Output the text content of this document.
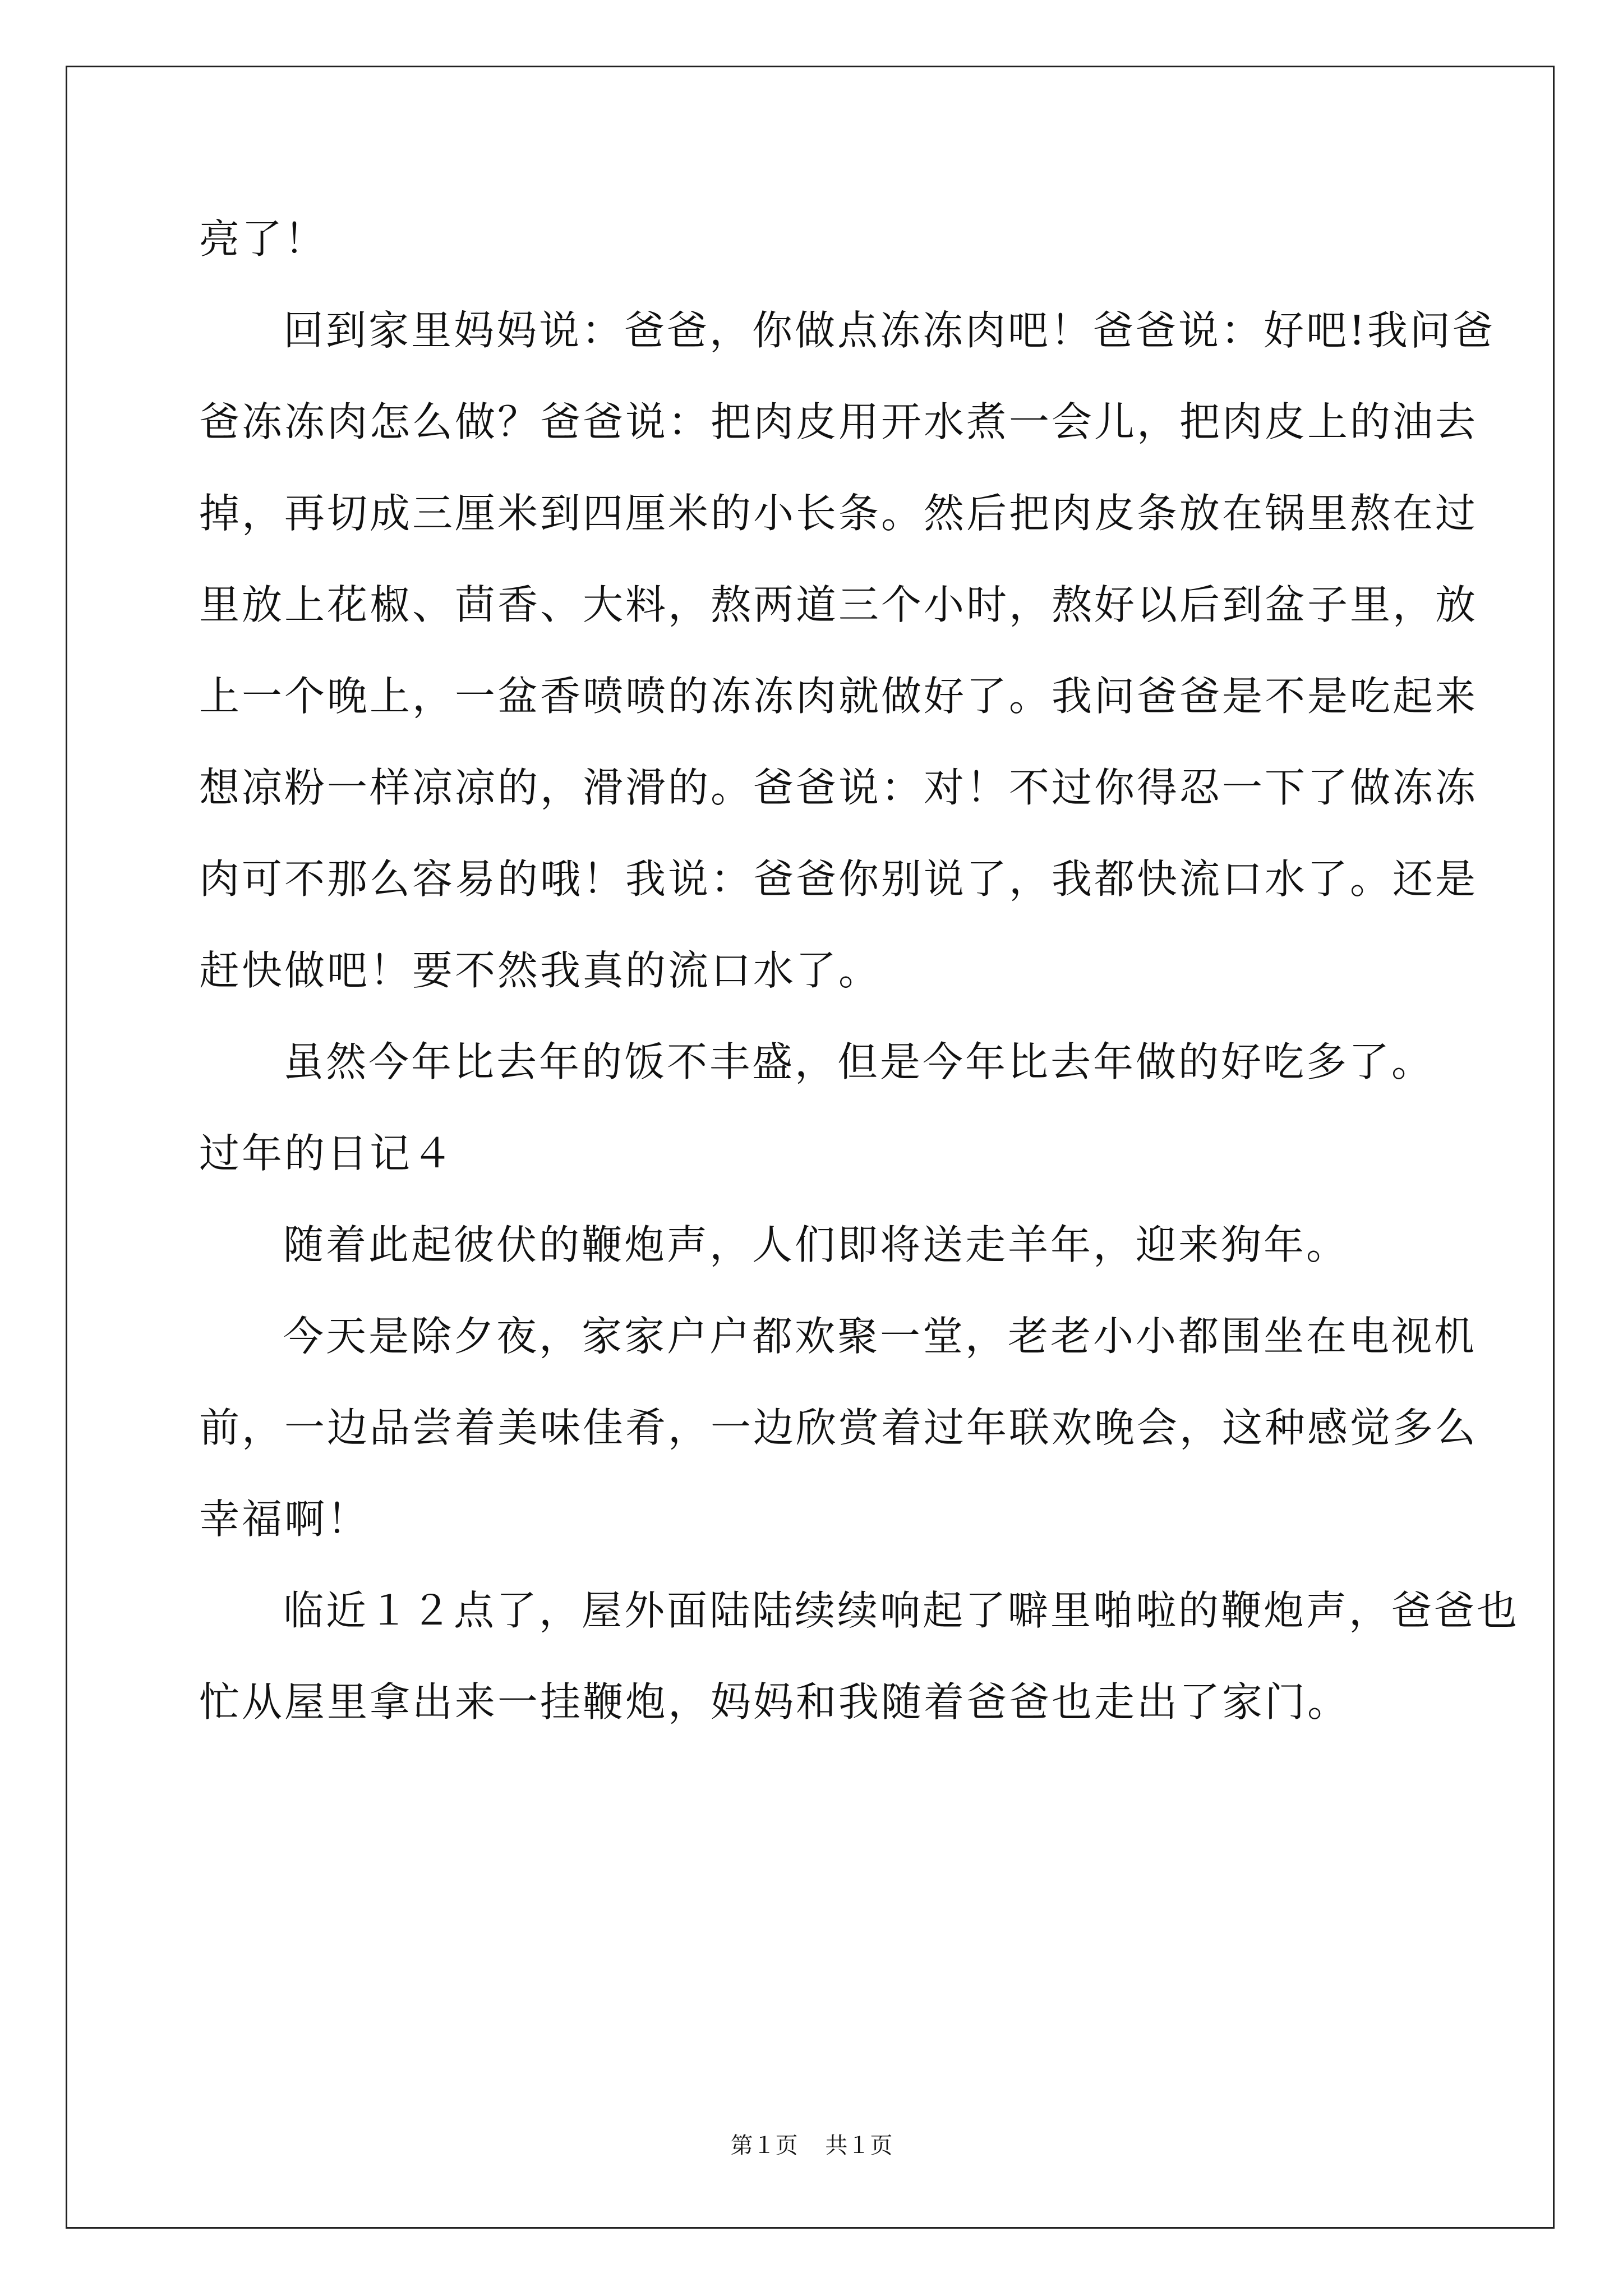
亮了！
回到家里妈妈说：爸爸，你做点冻冻肉吧！爸爸说：好吧!我问爸
爸冻冻肉怎么做？爸爸说：把肉皮用开水煮一会儿，把肉皮上的油去
掉，再切成三厘米到四厘米的小长条。然后把肉皮条放在锅里熬在过
里放上花椒、茴香、大料，熬两道三个小时，熬好以后到盆子里，放
上一个晚上，一盆香喷喷的冻冻肉就做好了。我问爸爸是不是吃起来
想凉粉一样凉凉的，滑滑的。爸爸说：对！不过你得忍一下了做冻冻
肉可不那么容易的哦！我说：爸爸你别说了，我都快流口水了。还是
赶快做吧！要不然我真的流口水了。
虽然今年比去年的饭不丰盛，但是今年比去年做的好吃多了。
过年的日记４
随着此起彼伏的鞭炮声，人们即将送走羊年，迎来狗年。
今天是除夕夜，家家户户都欢聚一堂，老老小小都围坐在电视机
前，一边品尝着美味佳肴，一边欣赏着过年联欢晚会，这种感觉多么
幸福啊！
临近１２点了，屋外面陆陆续续响起了噼里啪啦的鞭炮声，爸爸也
忙从屋里拿出来一挂鞭炮，妈妈和我随着爸爸也走出了家门。
第１页 共１页
